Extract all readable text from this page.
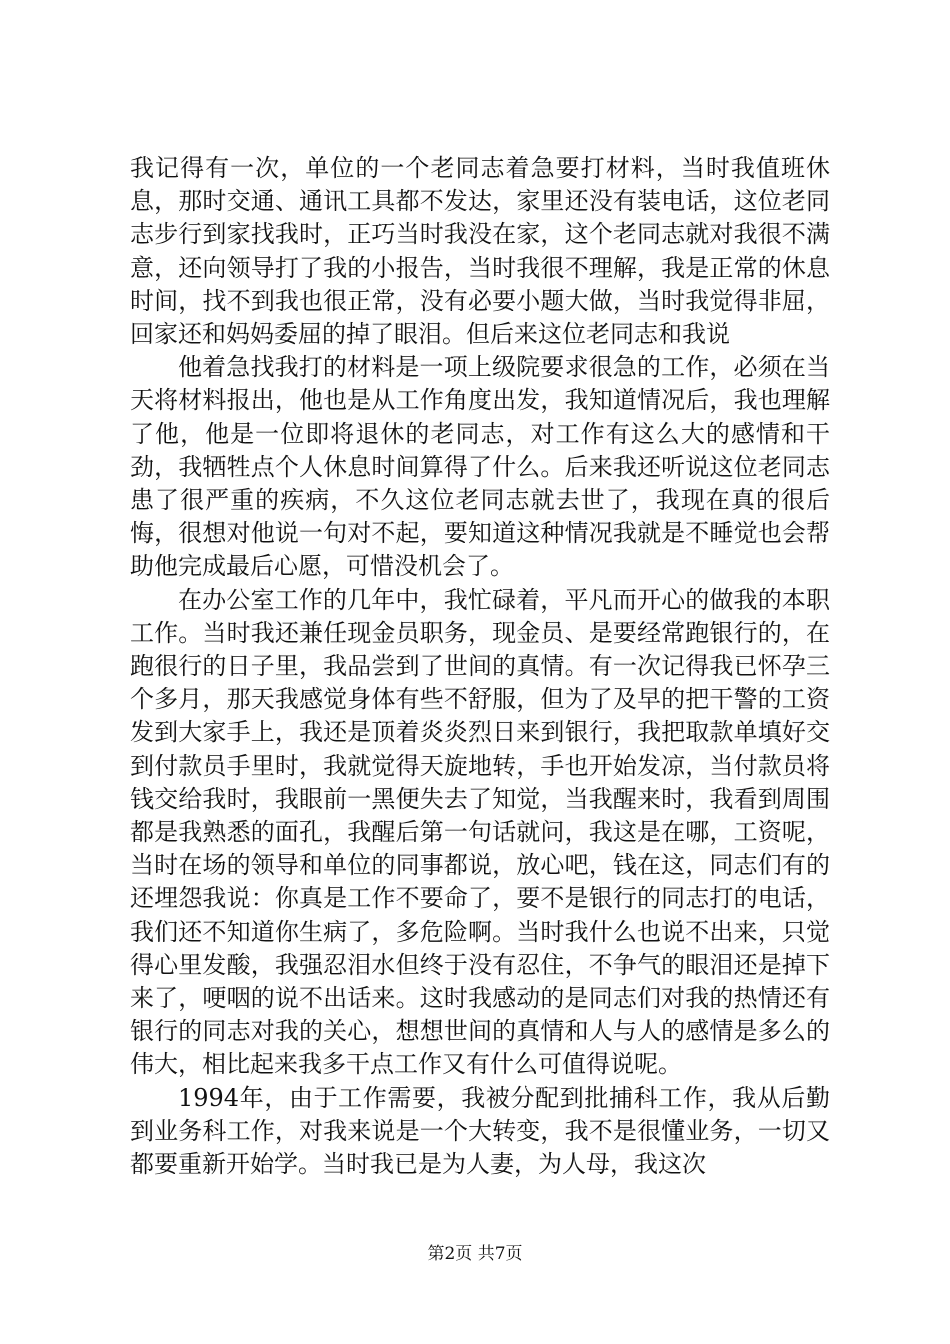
我记得有一次，单位的一个老同志着急要打材料，当时我值班休息，那时交通、通讯工具都不发达，家里还没有装电话，这位老同志步行到家找我时，正巧当时我没在家，这个老同志就对我很不满意，还向领导打了我的小报告，当时我很不理解，我是正常的休息时间，找不到我也很正常，没有必要小题大做，当时我觉得非屈，回家还和妈妈委屈的掉了眼泪。但后来这位老同志和我说

他着急找我打的材料是一项上级院要求很急的工作，必须在当天将材料报出，他也是从工作角度出发，我知道情况后，我也理解了他，他是一位即将退休的老同志，对工作有这么大的感情和干劲，我牺牲点个人休息时间算得了什么。后来我还听说这位老同志患了很严重的疾病，不久这位老同志就去世了，我现在真的很后悔，很想对他说一句对不起，要知道这种情况我就是不睡觉也会帮助他完成最后心愿，可惜没机会了。

在办公室工作的几年中，我忙碌着，平凡而开心的做我的本职工作。当时我还兼任现金员职务，现金员、是要经常跑银行的，在跑很行的日子里，我品尝到了世间的真情。有一次记得我已怀孕三个多月，那天我感觉身体有些不舒服，但为了及早的把干警的工资发到大家手上，我还是顶着炎炎烈日来到银行，我把取款单填好交到付款员手里时，我就觉得天旋地转，手也开始发凉，当付款员将钱交给我时，我眼前一黑便失去了知觉，当我醒来时，我看到周围都是我熟悉的面孔，我醒后第一句话就问，我这是在哪，工资呢，当时在场的领导和单位的同事都说，放心吧，钱在这，同志们有的还埋怨我说：你真是工作不要命了，要不是银行的同志打的电话，我们还不知道你生病了，多危险啊。当时我什么也说不出来，只觉得心里发酸，我强忍泪水但终于没有忍住，不争气的眼泪还是掉下来了，哽咽的说不出话来。这时我感动的是同志们对我的热情还有银行的同志对我的关心，想想世间的真情和人与人的感情是多么的伟大，相比起来我多干点工作又有什么可值得说呢。

1994年，由于工作需要，我被分配到批捕科工作，我从后勤到业务科工作，对我来说是一个大转变，我不是很懂业务，一切又都要重新开始学。当时我已是为人妻，为人母，我这次

第2页 共7页
